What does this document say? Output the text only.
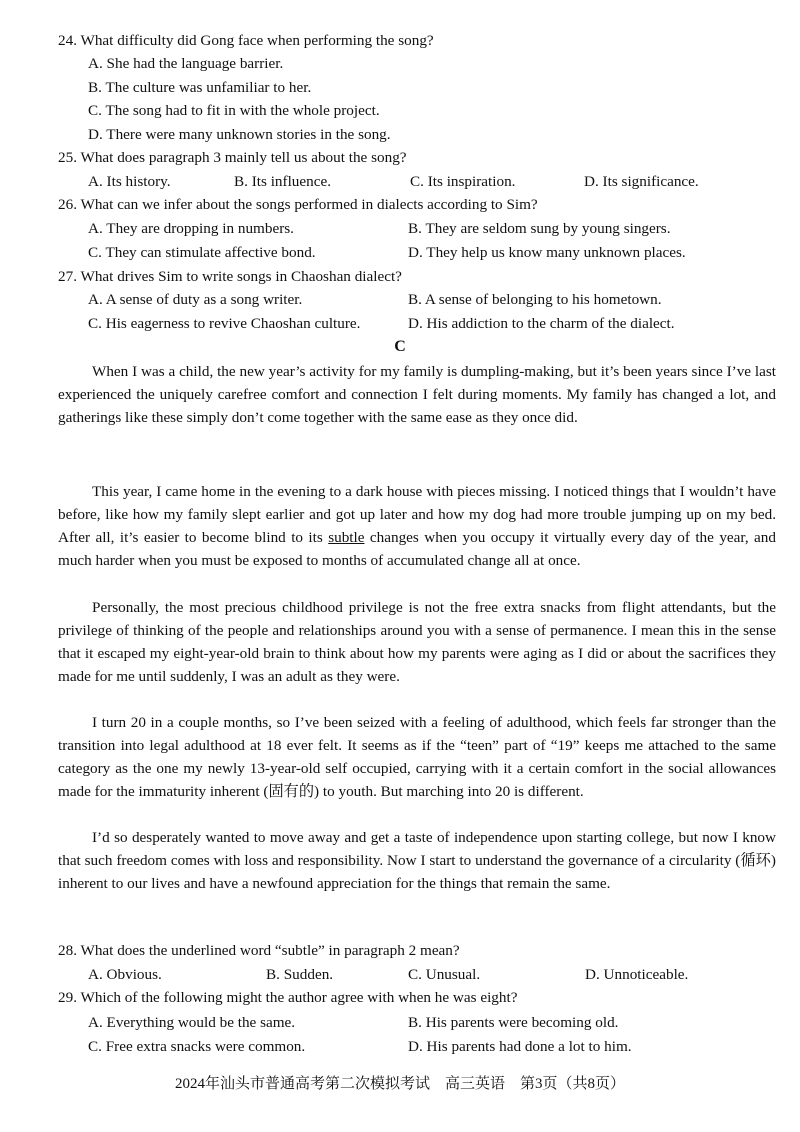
24. What difficulty did Gong face when performing the song?
A. She had the language barrier.
B. The culture was unfamiliar to her.
C. The song had to fit in with the whole project.
D. There were many unknown stories in the song.
25. What does paragraph 3 mainly tell us about the song?
A. Its history.	B. Its influence.	C. Its inspiration.	D. Its significance.
26. What can we infer about the songs performed in dialects according to Sim?
A. They are dropping in numbers.	B. They are seldom sung by young singers.
C. They can stimulate affective bond.	D. They help us know many unknown places.
27. What drives Sim to write songs in Chaoshan dialect?
A. A sense of duty as a song writer.	B. A sense of belonging to his hometown.
C. His eagerness to revive Chaoshan culture.	D. His addiction to the charm of the dialect.
C
When I was a child, the new year’s activity for my family is dumpling-making, but it’s been years since I’ve last experienced the uniquely carefree comfort and connection I felt during moments. My family has changed a lot, and gatherings like these simply don’t come together with the same ease as they once did.
This year, I came home in the evening to a dark house with pieces missing. I noticed things that I wouldn’t have before, like how my family slept earlier and got up later and how my dog had more trouble jumping up on my bed. After all, it’s easier to become blind to its subtle changes when you occupy it virtually every day of the year, and much harder when you must be exposed to months of accumulated change all at once.
Personally, the most precious childhood privilege is not the free extra snacks from flight attendants, but the privilege of thinking of the people and relationships around you with a sense of permanence. I mean this in the sense that it escaped my eight-year-old brain to think about how my parents were aging as I did or about the sacrifices they made for me until suddenly, I was an adult as they were.
I turn 20 in a couple months, so I’ve been seized with a feeling of adulthood, which feels far stronger than the transition into legal adulthood at 18 ever felt. It seems as if the “teen” part of “19” keeps me attached to the same category as the one my newly 13-year-old self occupied, carrying with it a certain comfort in the social allowances made for the immaturity inherent (固有的) to youth. But marching into 20 is different.
I’d so desperately wanted to move away and get a taste of independence upon starting college, but now I know that such freedom comes with loss and responsibility. Now I start to understand the governance of a circularity (循环) inherent to our lives and have a newfound appreciation for the things that remain the same.
28. What does the underlined word “subtle” in paragraph 2 mean?
A. Obvious.	B. Sudden.	C. Unusual.	D. Unnoticeable.
29. Which of the following might the author agree with when he was eight?
A. Everything would be the same.	B. His parents were becoming old.
C. Free extra snacks were common.	D. His parents had done a lot to him.
2024年汕头市普通高考第二次模拟考试　高三英语　第3页（共8页）
